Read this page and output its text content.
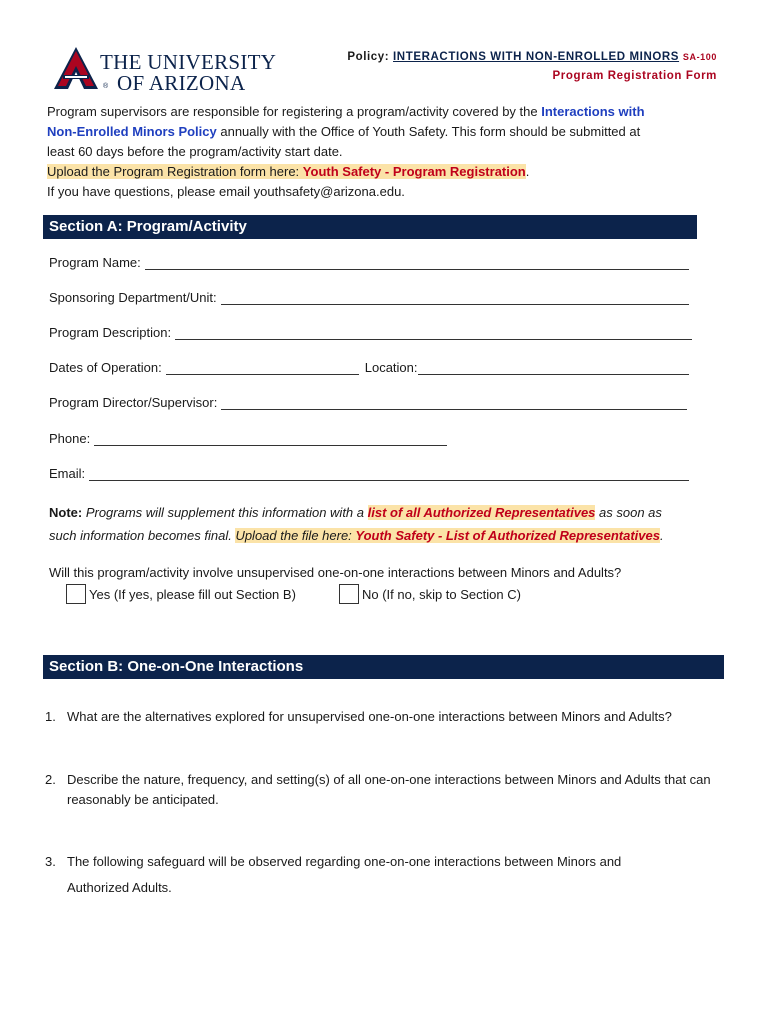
THE UNIVERSITY
® OF ARIZONA
Policy: INTERACTIONS WITH NON-ENROLLED MINORS SA-100
Program Registration Form
Program supervisors are responsible for registering a program/activity covered by the Interactions with
Non-Enrolled Minors Policy annually with the Office of Youth Safety. This form should be submitted at
least 60 days before the program/activity start date.
Upload the Program Registration form here: Youth Safety - Program Registration.
If you have questions, please email youthsafety@arizona.edu.
Section A: Program/Activity
Program Name:
Sponsoring Department/Unit:
Program Description:
Dates of Operation:	Location:
Program Director/Supervisor:
Phone:
Email:
Note: Programs will supplement this information with a list of all Authorized Representatives as soon as
such information becomes final. Upload the file here: Youth Safety - List of Authorized Representatives.
Will this program/activity involve unsupervised one-on-one interactions between Minors and Adults?
Yes (If yes, please fill out Section B)	No (If no, skip to Section C)
Section B: One-on-One Interactions
1. What are the alternatives explored for unsupervised one-on-one interactions between Minors and Adults?
2. Describe the nature, frequency, and setting(s) of all one-on-one interactions between Minors and Adults that can reasonably be anticipated.
3. The following safeguard will be observed regarding one-on-one interactions between Minors and
Authorized Adults.
